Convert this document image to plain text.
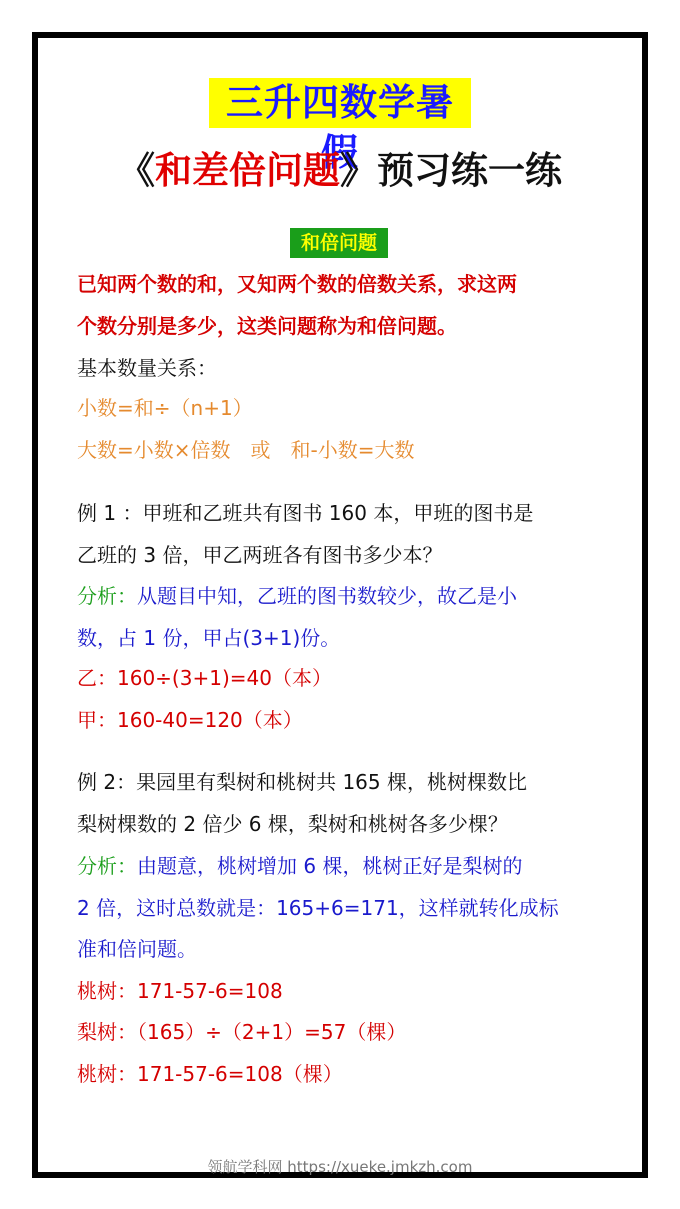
三升四数学暑假
《和差倍问题》预习练一练
和倍问题
已知两个数的和，又知两个数的倍数关系，求这两
个数分别是多少，这类问题称为和倍问题。
基本数量关系：
小数=和÷（n+1）
大数=小数×倍数　或　和-小数=大数
例 1 ：甲班和乙班共有图书 160 本，甲班的图书是
乙班的 3 倍，甲乙两班各有图书多少本？
分析：从题目中知，乙班的图书数较少，故乙是小
数，占 1 份，甲占(3+1)份。
乙：160÷(3+1)=40（本）
甲：160-40=120（本）
例 2：果园里有梨树和桃树共 165 棵，桃树棵数比
梨树棵数的 2 倍少 6 棵，梨树和桃树各多少棵？
分析：由题意，桃树增加 6 棵，桃树正好是梨树的
2 倍，这时总数就是：165+6=171，这样就转化成标
准和倍问题。
桃树：171-57-6=108
梨树：（165）÷（2+1）=57（棵）
桃树：171-57-6=108（棵）
领航学科网 https://xueke.jmkzh.com
